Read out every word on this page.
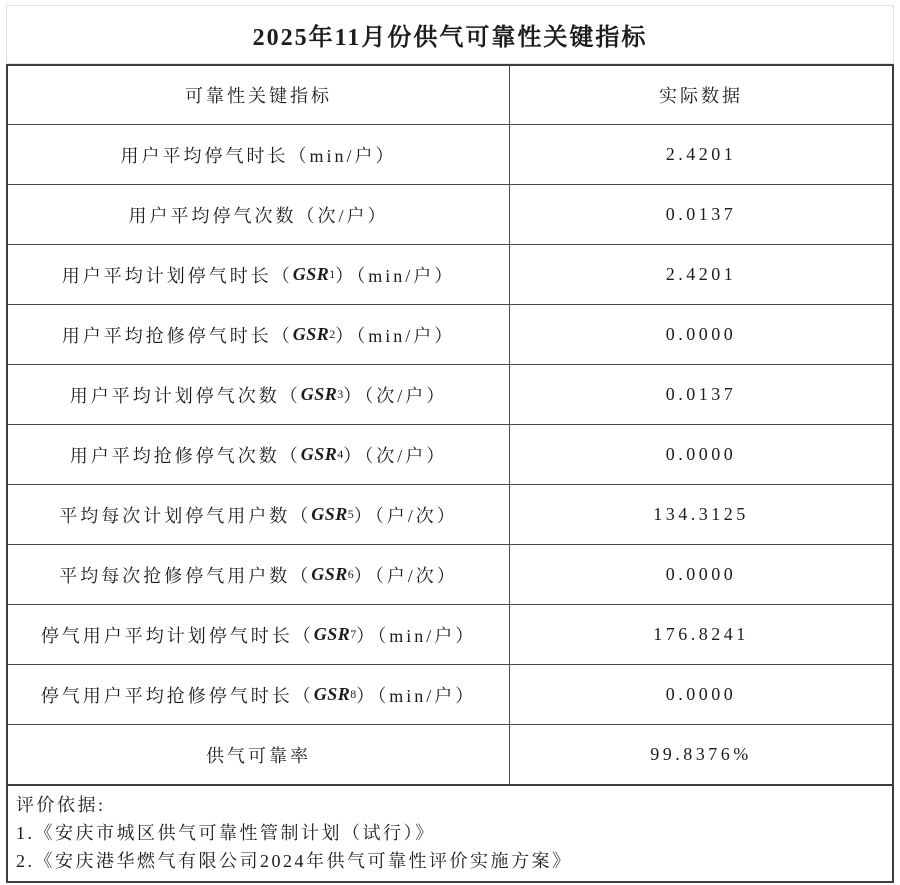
2025年11月份供气可靠性关键指标
可靠性关键指标	实际数据
用户平均停气时长（min/户）	2.4201
用户平均停气次数（次/户）	0.0137
用户平均计划停气时长（ GSR 1 ）（min/户）	2.4201
用户平均抢修停气时长（ GSR 2 ）（min/户）	0.0000
用户平均计划停气次数（ GSR 3 ）（次/户）	0.0137
用户平均抢修停气次数（ GSR 4 ）（次/户）	0.0000
平均每次计划停气用户数（ GSR 5 ）（户/次）	134.3125
平均每次抢修停气用户数（ GSR 6 ）（户/次）	0.0000
停气用户平均计划停气时长（ GSR 7 ）（min/户）	176.8241
停气用户平均抢修停气时长（ GSR 8 ）（min/户）	0.0000
供气可靠率	99.8376%
评价依据:
1.《安庆市城区供气可靠性管制计划（试行）》
2.《安庆港华燃气有限公司2024年供气可靠性评价实施方案》
